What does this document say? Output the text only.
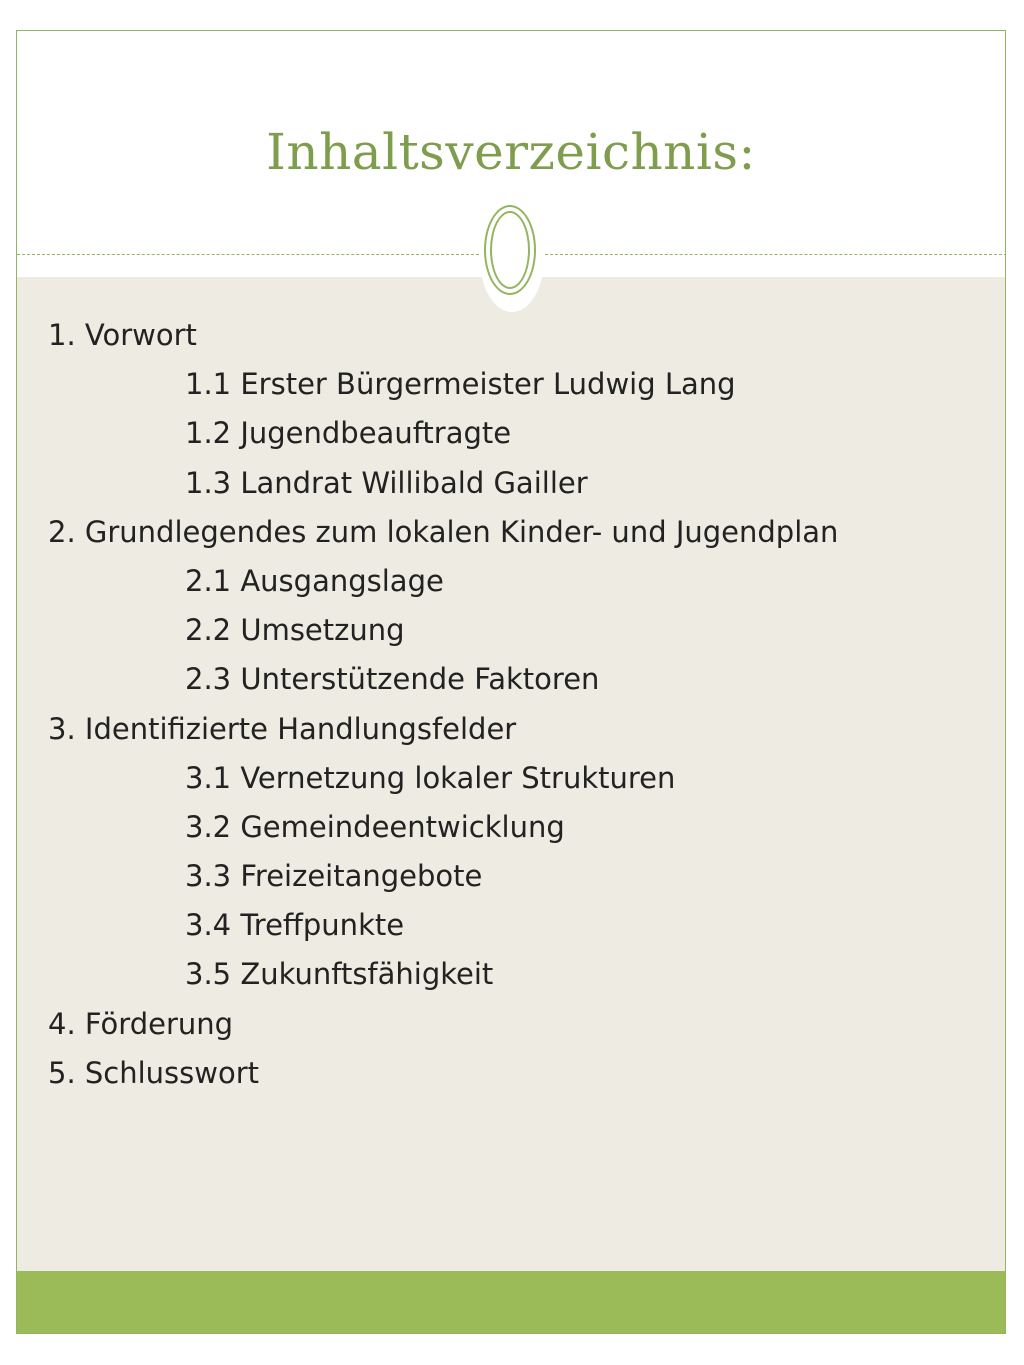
Inhaltsverzeichnis:
1. Vorwort
1.1 Erster Bürgermeister Ludwig Lang
1.2 Jugendbeauftragte
1.3 Landrat Willibald Gailler
2. Grundlegendes zum lokalen Kinder- und Jugendplan
2.1 Ausgangslage
2.2 Umsetzung
2.3 Unterstützende Faktoren
3. Identifizierte Handlungsfelder
3.1 Vernetzung lokaler Strukturen
3.2 Gemeindeentwicklung
3.3 Freizeitangebote
3.4 Treffpunkte
3.5 Zukunftsfähigkeit
4. Förderung
5. Schlusswort
